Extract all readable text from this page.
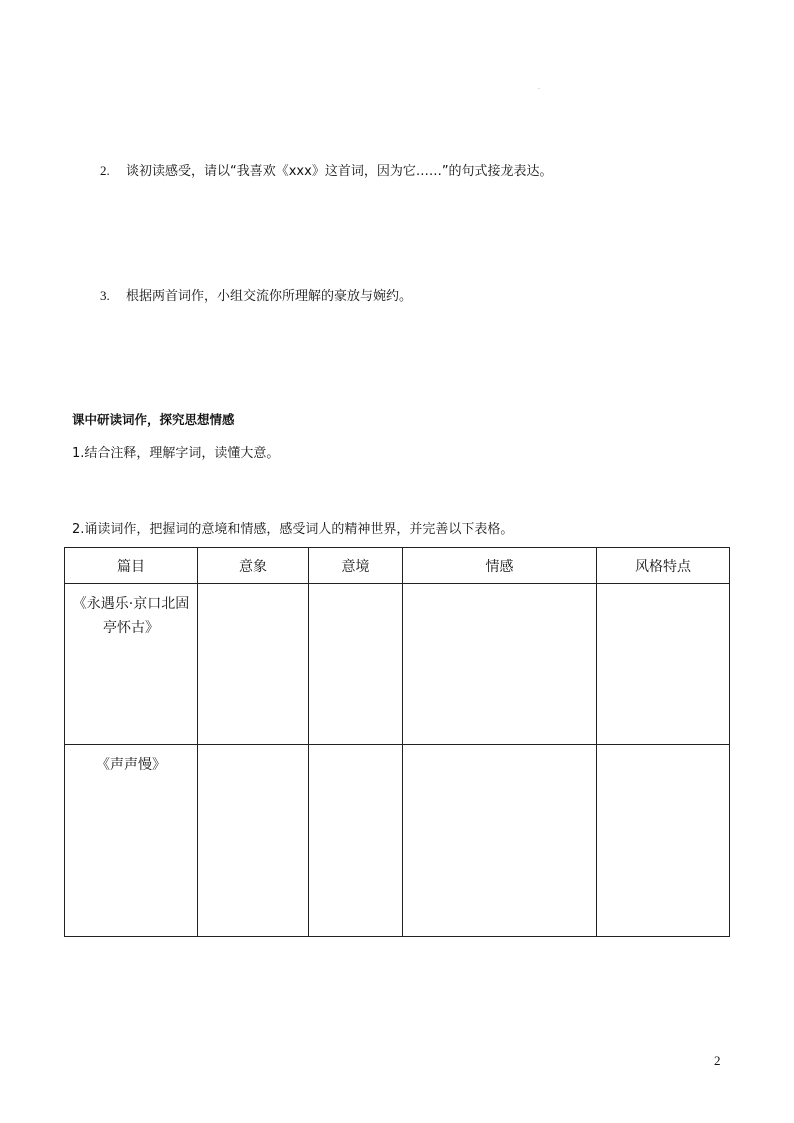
·
2. 谈初读感受，请以“我喜欢《xxx》这首词，因为它……”的句式接龙表达。
3. 根据两首词作，小组交流你所理解的豪放与婉约。
课中研读词作，探究思想情感
1.结合注释，理解字词，读懂大意。
2.诵读词作，把握词的意境和情感，感受词人的精神世界，并完善以下表格。
篇目	意象	意境	情感	风格特点
《永遇乐·京口北固亭怀古》				
《声声慢》				
2
